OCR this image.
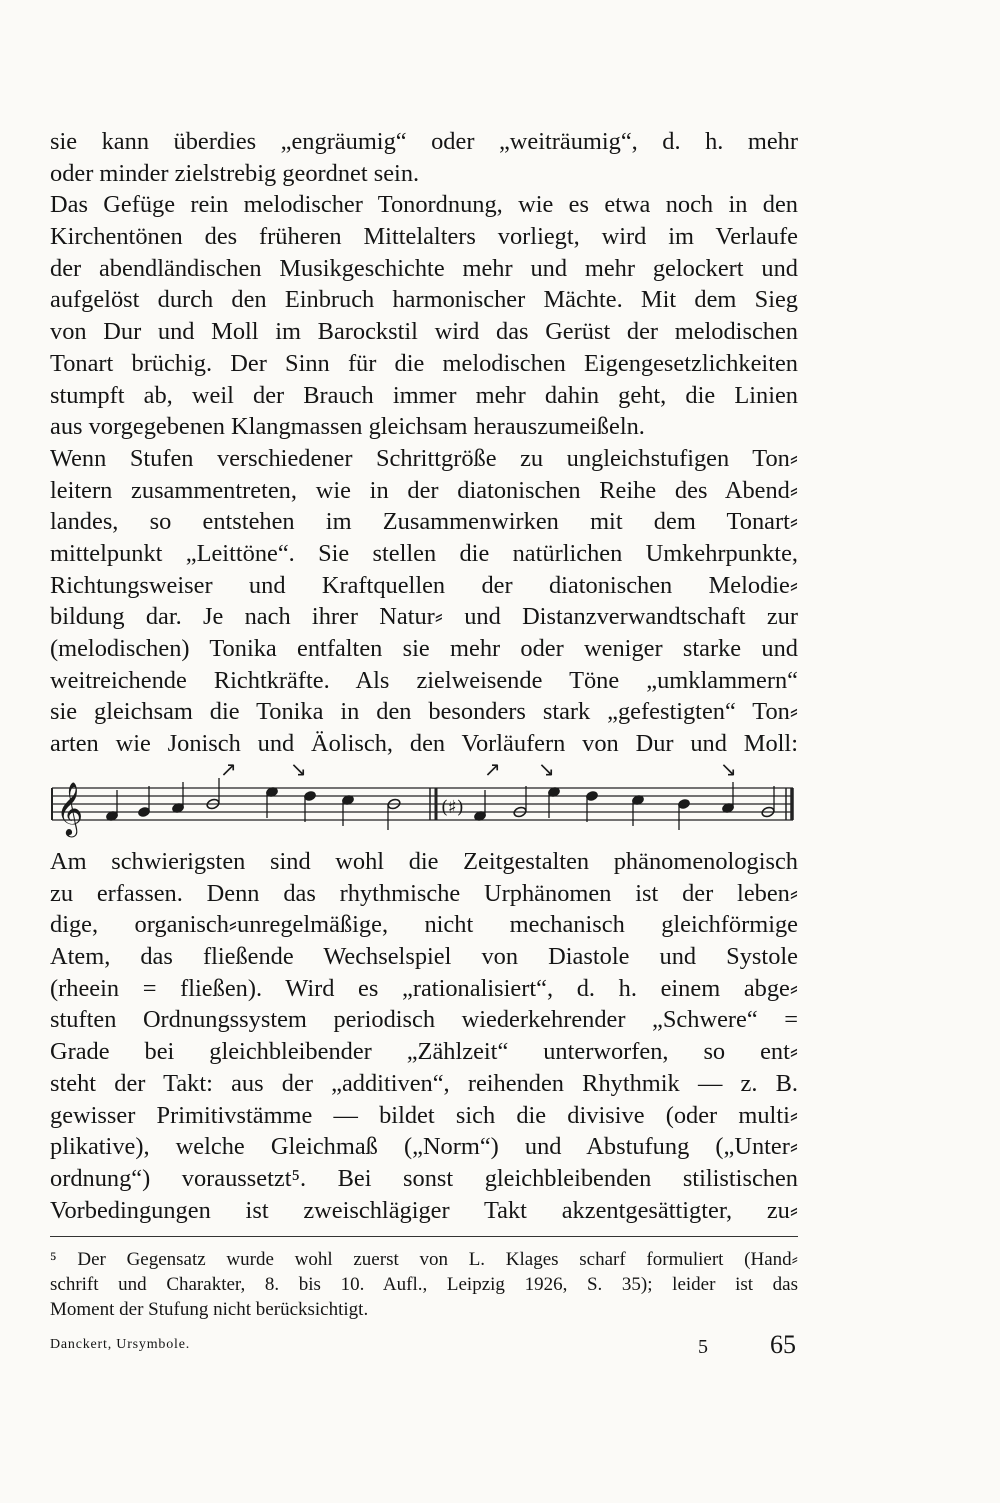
sie kann überdies „engräumig“ oder „weiträumig“, d. h. mehr
oder minder zielstrebig geordnet sein.
Das Gefüge rein melodischer Tonordnung, wie es etwa noch in den
Kirchentönen des früheren Mittelalters vorliegt, wird im Verlaufe
der abendländischen Musikgeschichte mehr und mehr gelockert und
aufgelöst durch den Einbruch harmonischer Mächte. Mit dem Sieg
von Dur und Moll im Barockstil wird das Gerüst der melodischen
Tonart brüchig. Der Sinn für die melodischen Eigengesetzlichkeiten
stumpft ab, weil der Brauch immer mehr dahin geht, die Linien
aus vorgegebenen Klangmassen gleichsam herauszumeißeln.
Wenn Stufen verschiedener Schrittgröße zu ungleichstufigen Ton⸗
leitern zusammentreten, wie in der diatonischen Reihe des Abend⸗
landes, so entstehen im Zusammenwirken mit dem Tonart⸗
mittelpunkt „Leittöne“. Sie stellen die natürlichen Umkehrpunkte,
Richtungsweiser und Kraftquellen der diatonischen Melodie⸗
bildung dar. Je nach ihrer Natur⸗ und Distanzverwandtschaft zur
(melodischen) Tonika entfalten sie mehr oder weniger starke und
weitreichende Richtkräfte. Als zielweisende Töne „umklammern“
sie gleichsam die Tonika in den besonders stark „gefestigten“ Ton⸗
arten wie Jonisch und Äolisch, den Vorläufern von Dur und Moll:
𝄞	(♯)
↗	↘	↗ ↘	↘
Am schwierigsten sind wohl die Zeitgestalten phänomenologisch
zu erfassen. Denn das rhythmische Urphänomen ist der leben⸗
dige, organisch⸗unregelmäßige, nicht mechanisch gleichförmige
Atem, das fließende Wechselspiel von Diastole und Systole
(rheein = fließen). Wird es „rationalisiert“, d. h. einem abge⸗
stuften Ordnungssystem periodisch wiederkehrender „Schwere“ =
Grade bei gleichbleibender „Zählzeit“ unterworfen, so ent⸗
steht der Takt: aus der „additiven“, reihenden Rhythmik — z. B.
gewisser Primitivstämme — bildet sich die divisive (oder multi⸗
plikative), welche Gleichmaß („Norm“) und Abstufung („Unter⸗
ordnung“) voraussetzt⁵. Bei sonst gleichbleibenden stilistischen
Vorbedingungen ist zweischlägiger Takt akzentgesättigter, zu⸗
⁵ Der Gegensatz wurde wohl zuerst von L. Klages scharf formuliert (Hand⸗
schrift und Charakter, 8. bis 10. Aufl., Leipzig 1926, S. 35); leider ist das
Moment der Stufung nicht berücksichtigt.
Danckert, Ursymbole.	5 65
